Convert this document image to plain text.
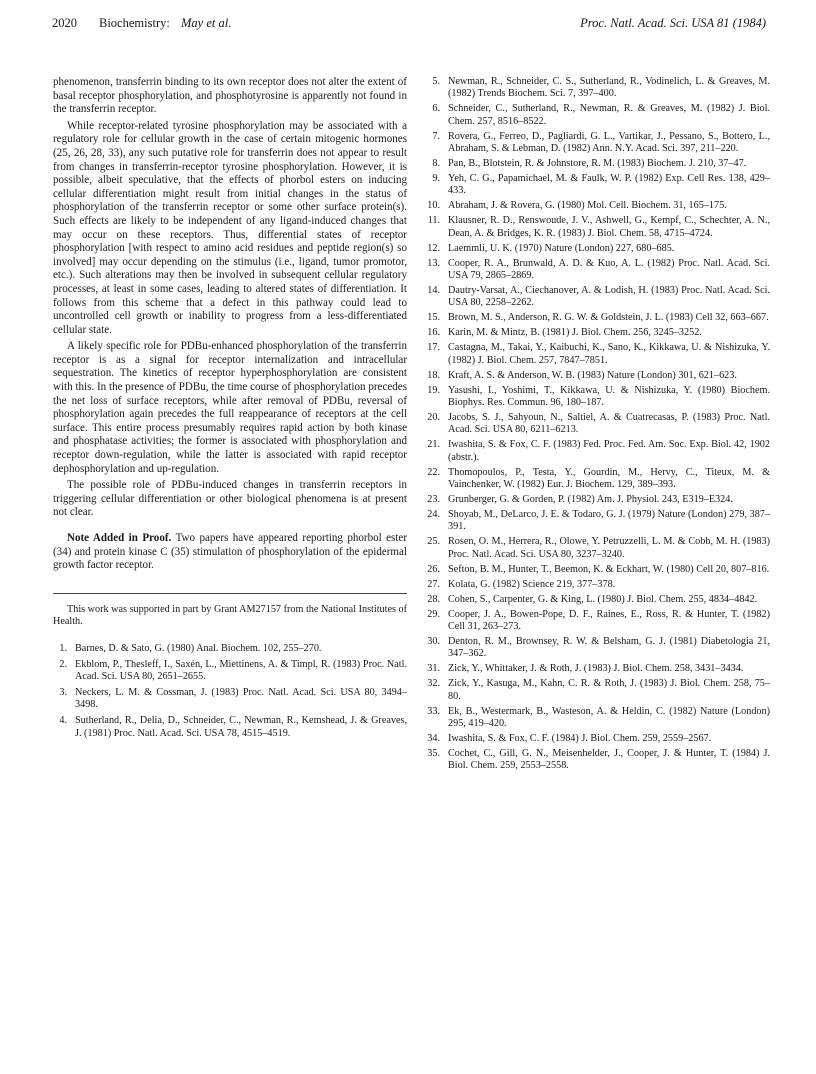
2020 Biochemistry: May et al.	Proc. Natl. Acad. Sci. USA 81 (1984)

phenomenon, transferrin binding to its own receptor does not alter the extent of basal receptor phosphorylation, and phosphotyrosine is apparently not found in the transferrin receptor.

While receptor-related tyrosine phosphorylation may be associated with a regulatory role for cellular growth in the case of certain mitogenic hormones (25, 26, 28, 33), any such putative role for transferrin does not appear to result from changes in transferrin-receptor tyrosine phosphorylation. However, it is possible, albeit speculative, that the effects of phorbol esters on inducing cellular differentiation might result from initial changes in the status of phosphorylation of the transferrin receptor or some other surface protein(s). Such effects are likely to be independent of any ligand-induced changes that may occur on these receptors. Thus, differential states of receptor phosphorylation [with respect to amino acid residues and peptide region(s) so involved] may occur depending on the stimulus (i.e., ligand, tumor promotor, etc.). Such alterations may then be involved in subsequent cellular regulatory processes, at least in some cases, leading to altered states of differentiation. It follows from this scheme that a defect in this pathway could lead to uncontrolled cell growth or inability to progress from a less-differentiated cellular state.

A likely specific role for PDBu-enhanced phosphorylation of the transferrin receptor is as a signal for receptor internalization and intracellular sequestration. The kinetics of receptor hyperphosphorylation are consistent with this. In the presence of PDBu, the time course of phosphorylation precedes the net loss of surface receptors, while after removal of PDBu, reversal of phosphorylation again precedes the full reappearance of receptors at the cell surface. This entire process presumably requires rapid action by both kinase and phosphatase activities; the former is associated with phosphorylation and receptor down-regulation, while the latter is associated with rapid receptor dephosphorylation and up-regulation.

The possible role of PDBu-induced changes in transferrin receptors in triggering cellular differentiation or other biological phenomena is at present not clear.

Note Added in Proof. Two papers have appeared reporting phorbol ester (34) and protein kinase C (35) stimulation of phosphorylation of the epidermal growth factor receptor.

This work was supported in part by Grant AM27157 from the National Institutes of Health.

1. Barnes, D. & Sato, G. (1980) Anal. Biochem. 102, 255–270.
2. Ekblom, P., Thesleff, I., Saxén, L., Miettinens, A. & Timpl, R. (1983) Proc. Natl. Acad. Sci. USA 80, 2651–2655.
3. Neckers, L. M. & Cossman, J. (1983) Proc. Natl. Acad. Sci. USA 80, 3494–3498.
4. Sutherland, R., Delia, D., Schneider, C., Newman, R., Kemshead, J. & Greaves, J. (1981) Proc. Natl. Acad. Sci. USA 78, 4515–4519.
5. Newman, R., Schneider, C. S., Sutherland, R., Vodinelich, L. & Greaves, M. (1982) Trends Biochem. Sci. 7, 397–400.
6. Schneider, C., Sutherland, R., Newman, R. & Greaves, M. (1982) J. Biol. Chem. 257, 8516–8522.
7. Rovera, G., Ferreo, D., Pagliardi, G. L., Vartikar, J., Pessano, S., Bottero, L., Abraham, S. & Lebman, D. (1982) Ann. N.Y. Acad. Sci. 397, 211–220.
8. Pan, B., Blotstein, R. & Johnstore, R. M. (1983) Biochem. J. 210, 37–47.
9. Yeh, C. G., Papamichael, M. & Faulk, W. P. (1982) Exp. Cell Res. 138, 429–433.
10. Abraham, J. & Rovera, G. (1980) Mol. Cell. Biochem. 31, 165–175.
11. Klausner, R. D., Renswoude, J. V., Ashwell, G., Kempf, C., Schechter, A. N., Dean, A. & Bridges, K. R. (1983) J. Biol. Chem. 58, 4715–4724.
12. Laemmli, U. K. (1970) Nature (London) 227, 680–685.
13. Cooper, R. A., Brunwald, A. D. & Kuo, A. L. (1982) Proc. Natl. Acad. Sci. USA 79, 2865–2869.
14. Dautry-Varsat, A., Ciechanover, A. & Lodish, H. (1983) Proc. Natl. Acad. Sci. USA 80, 2258–2262.
15. Brown, M. S., Anderson, R. G. W. & Goldstein, J. L. (1983) Cell 32, 663–667.
16. Karin, M. & Mintz, B. (1981) J. Biol. Chem. 256, 3245–3252.
17. Castagna, M., Takai, Y., Kaibuchi, K., Sano, K., Kikkawa, U. & Nishizuka, Y. (1982) J. Biol. Chem. 257, 7847–7851.
18. Kraft, A. S. & Anderson, W. B. (1983) Nature (London) 301, 621–623.
19. Yasushi, I., Yoshimi, T., Kikkawa, U. & Nishizuka, Y. (1980) Biochem. Biophys. Res. Commun. 96, 180–187.
20. Jacobs, S. J., Sahyoun, N., Saltiel, A. & Cuatrecasas, P. (1983) Proc. Natl. Acad. Sci. USA 80, 6211–6213.
21. Iwashita, S. & Fox, C. F. (1983) Fed. Proc. Fed. Am. Soc. Exp. Biol. 42, 1902 (abstr.).
22. Thomopoulos, P., Testa, Y., Gourdin, M., Hervy, C., Titeux, M. & Vainchenker, W. (1982) Eur. J. Biochem. 129, 389–393.
23. Grunberger, G. & Gorden, P. (1982) Am. J. Physiol. 243, E319–E324.
24. Shoyab, M., DeLarco, J. E. & Todaro, G. J. (1979) Nature (London) 279, 387–391.
25. Rosen, O. M., Herrera, R., Olowe, Y. Petruzzelli, L. M. & Cobb, M. H. (1983) Proc. Natl. Acad. Sci. USA 80, 3237–3240.
26. Sefton, B. M., Hunter, T., Beemon, K. & Eckhart, W. (1980) Cell 20, 807–816.
27. Kolata, G. (1982) Science 219, 377–378.
28. Cohen, S., Carpenter, G. & King, L. (1980) J. Biol. Chem. 255, 4834–4842.
29. Cooper, J. A., Bowen-Pope, D. F., Raines, E., Ross, R. & Hunter, T. (1982) Cell 31, 263–273.
30. Denton, R. M., Brownsey, R. W. & Belsham, G. J. (1981) Diabetologia 21, 347–362.
31. Zick, Y., Whittaker, J. & Roth, J. (1983) J. Biol. Chem. 258, 3431–3434.
32. Zick, Y., Kasuga, M., Kahn, C. R. & Roth, J. (1983) J. Biol. Chem. 258, 75–80.
33. Ek, B., Westermark, B., Wasteson, A. & Heldin, C. (1982) Nature (London) 295, 419–420.
34. Iwashita, S. & Fox, C. F. (1984) J. Biol. Chem. 259, 2559–2567.
35. Cochet, C., Gill, G. N., Meisenhelder, J., Cooper, J. & Hunter, T. (1984) J. Biol. Chem. 259, 2553–2558.
